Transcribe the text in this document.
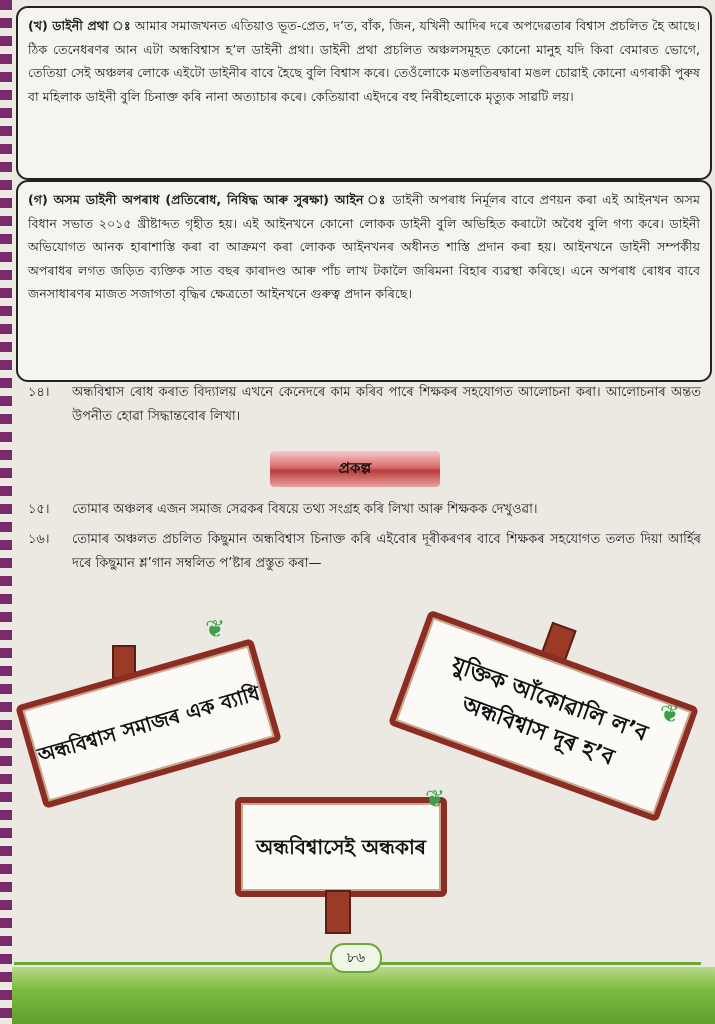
(খ) ডাইনী প্ৰথা ঃ আমাৰ সমাজখনত এতিয়াও ভূত-প্ৰেত, দ’ত, বাঁক, জিন, যখিনী আদিৰ দৰে অপদেৱতাৰ বিশ্বাস প্ৰচলিত হৈ আছে। ঠিক তেনেধৰণৰ আন এটা অন্ধবিশ্বাস হ’ল ডাইনী প্ৰথা। ডাইনী প্ৰথা প্ৰচলিত অঞ্চলসমূহত কোনো মানুহ যদি কিবা বেমাৰত ভোগে, তেতিয়া সেই অঞ্চলৰ লোকে এইটো ডাইনীৰ বাবে হৈছে বুলি বিশ্বাস কৰে। তেওঁলোকে মঙলতিৰদ্বাৰা মঙল চোৱাই কোনো এগৰাকী পুৰুষ বা মহিলাক ডাইনী বুলি চিনাক্ত কৰি নানা অত্যাচাৰ কৰে। কেতিয়াবা এইদৰে বহু নিৰীহলোকে মৃত্যুক সাৱটি লয়।
(গ) অসম ডাইনী অপৰাধ (প্ৰতিৰোধ, নিষিদ্ধ আৰু সুৰক্ষা) আইন ঃ ডাইনী অপৰাধ নিৰ্মূলৰ বাবে প্ৰণয়ন কৰা এই আইনখন অসম বিধান সভাত ২০১৫ খ্ৰীষ্টাব্দত গৃহীত হয়। এই আইনখনে কোনো লোকক ডাইনী বুলি অভিহিত কৰাটো অবৈধ বুলি গণ্য কৰে। ডাইনী অভিযোগত আনক হাৰাশাস্তি কৰা বা আক্ৰমণ কৰা লোকক আইনখনৰ অধীনত শাস্তি প্ৰদান কৰা হয়। আইনখনে ডাইনী সম্পৰ্কীয় অপৰাধৰ লগত জড়িত ব্যক্তিক সাত বছৰ কাৰাদণ্ড আৰু পাঁচ লাখ টকালৈ জৰিমনা বিহাৰ ব্যৱস্থা কৰিছে। এনে অপৰাধ ৰোধৰ বাবে জনসাধাৰণৰ মাজত সজাগতা বৃদ্ধিৰ ক্ষেত্ৰতো আইনখনে গুৰুত্ব প্ৰদান কৰিছে।
১৪। অন্ধবিশ্বাস ৰোধ কৰাত বিদ্যালয় এখনে কেনেদৰে কাম কৰিব পাৰে শিক্ষকৰ সহযোগত আলোচনা কৰা। আলোচনাৰ অন্তত উপনীত হোৱা সিদ্ধান্তবোৰ লিখা।
প্ৰকল্প
১৫। তোমাৰ অঞ্চলৰ এজন সমাজ সেৱকৰ বিষয়ে তথ্য সংগ্ৰহ কৰি লিখা আৰু শিক্ষকক দেখুওৱা।
১৬। তোমাৰ অঞ্চলত প্ৰচলিত কিছুমান অন্ধবিশ্বাস চিনাক্ত কৰি এইবোৰ দূৰীকৰণৰ বাবে শিক্ষকৰ সহযোগত তলত দিয়া আৰ্হিৰ দৰে কিছুমান শ্ল’গান সম্বলিত প’ষ্টাৰ প্ৰস্তুত কৰা—
অন্ধবিশ্বাস সমাজৰ এক ব্যাধি
❦
যুক্তিক আঁকোৱালি ল’ব অন্ধবিশ্বাস দূৰ হ’ব	❦
অন্ধবিশ্বাসেই অন্ধকাৰ
❦
৮৬
